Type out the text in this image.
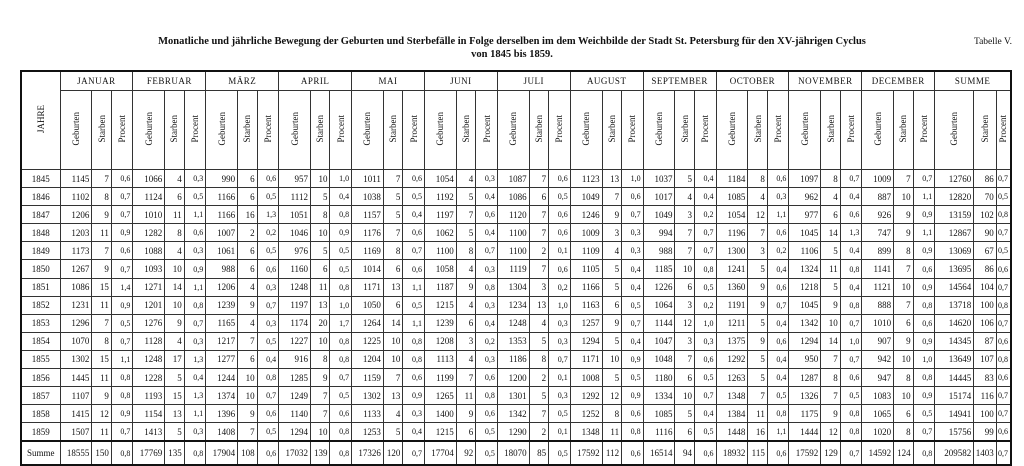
Monatliche und jährliche Bewegung der Geburten und Sterbefälle in Folge derselben im dem Weichbilde der Stadt St. Petersburg für den XV-jährigen Cyclus
von 1845 bis 1859.
Tabelle V.
JAHRE	JANUAR			FEBRUAR			MÄRZ			APRIL			MAI			JUNI			JULI			AUGUST			SEPTEMBER			OCTOBER			NOVEMBER			DECEMBER			SUMME		
	Geburten	Starben	Procent	Geburten	Starben	Procent	Geburten	Starben	Procent	Geburten	Starben	Procent	Geburten	Starben	Procent	Geburten	Starben	Procent	Geburten	Starben	Procent	Geburten	Starben	Procent	Geburten	Starben	Procent	Geburten	Starben	Procent	Geburten	Starben	Procent	Geburten	Starben	Procent	Geburten	Starben	Procent
1845	1145	7	0,6	1066	4	0,3	990	6	0,6	957	10	1,0	1011	7	0,6	1054	4	0,3	1087	7	0,6	1123	13	1,0	1037	5	0,4	1184	8	0,6	1097	8	0,7	1009	7	0,7	12760	86	0,7
1846	1102	8	0,7	1124	6	0,5	1166	6	0,5	1112	5	0,4	1038	5	0,5	1192	5	0,4	1086	6	0,5	1049	7	0,6	1017	4	0,4	1085	4	0,3	962	4	0,4	887	10	1,1	12820	70	0,5
1847	1206	9	0,7	1010	11	1,1	1166	16	1,3	1051	8	0,8	1157	5	0,4	1197	7	0,6	1120	7	0,6	1246	9	0,7	1049	3	0,2	1054	12	1,1	977	6	0,6	926	9	0,9	13159	102	0,8
1848	1203	11	0,9	1282	8	0,6	1007	2	0,2	1046	10	0,9	1176	7	0,6	1062	5	0,4	1100	7	0,6	1009	3	0,3	994	7	0,7	1196	7	0,6	1045	14	1,3	747	9	1,1	12867	90	0,7
1849	1173	7	0,6	1088	4	0,3	1061	6	0,5	976	5	0,5	1169	8	0,7	1100	8	0,7	1100	2	0,1	1109	4	0,3	988	7	0,7	1300	3	0,2	1106	5	0,4	899	8	0,9	13069	67	0,5
1850	1267	9	0,7	1093	10	0,9	988	6	0,6	1160	6	0,5	1014	6	0,6	1058	4	0,3	1119	7	0,6	1105	5	0,4	1185	10	0,8	1241	5	0,4	1324	11	0,8	1141	7	0,6	13695	86	0,6
1851	1086	15	1,4	1271	14	1,1	1206	4	0,3	1248	11	0,8	1171	13	1,1	1187	9	0,8	1304	3	0,2	1166	5	0,4	1226	6	0,5	1360	9	0,6	1218	5	0,4	1121	10	0,9	14564	104	0,7
1852	1231	11	0,9	1201	10	0,8	1239	9	0,7	1197	13	1,0	1050	6	0,5	1215	4	0,3	1234	13	1,0	1163	6	0,5	1064	3	0,2	1191	9	0,7	1045	9	0,8	888	7	0,8	13718	100	0,8
1853	1296	7	0,5	1276	9	0,7	1165	4	0,3	1174	20	1,7	1264	14	1,1	1239	6	0,4	1248	4	0,3	1257	9	0,7	1144	12	1,0	1211	5	0,4	1342	10	0,7	1010	6	0,6	14620	106	0,7
1854	1070	8	0,7	1128	4	0,3	1217	7	0,5	1227	10	0,8	1225	10	0,8	1208	3	0,2	1353	5	0,3	1294	5	0,4	1047	3	0,3	1375	9	0,6	1294	14	1,0	907	9	0,9	14345	87	0,6
1855	1302	15	1,1	1248	17	1,3	1277	6	0,4	916	8	0,8	1204	10	0,8	1113	4	0,3	1186	8	0,7	1171	10	0,9	1048	7	0,6	1292	5	0,4	950	7	0,7	942	10	1,0	13649	107	0,8
1856	1445	11	0,8	1228	5	0,4	1244	10	0,8	1285	9	0,7	1159	7	0,6	1199	7	0,6	1200	2	0,1	1008	5	0,5	1180	6	0,5	1263	5	0,4	1287	8	0,6	947	8	0,8	14445	83	0,6
1857	1107	9	0,8	1193	15	1,3	1374	10	0,7	1249	7	0,5	1302	13	0,9	1265	11	0,8	1301	5	0,3	1292	12	0,9	1334	10	0,7	1348	7	0,5	1326	7	0,5	1083	10	0,9	15174	116	0,7
1858	1415	12	0,9	1154	13	1,1	1396	9	0,6	1140	7	0,6	1133	4	0,3	1400	9	0,6	1342	7	0,5	1252	8	0,6	1085	5	0,4	1384	11	0,8	1175	9	0,8	1065	6	0,5	14941	100	0,7
1859	1507	11	0,7	1413	5	0,3	1408	7	0,5	1294	10	0,8	1253	5	0,4	1215	6	0,5	1290	2	0,1	1348	11	0,8	1116	6	0,5	1448	16	1,1	1444	12	0,8	1020	8	0,7	15756	99	0,6
Summe	18555	150	0,8	17769	135	0,8	17904	108	0,6	17032	139	0,8	17326	120	0,7	17704	92	0,5	18070	85	0,5	17592	112	0,6	16514	94	0,6	18932	115	0,6	17592	129	0,7	14592	124	0,8	209582	1403	0,7
